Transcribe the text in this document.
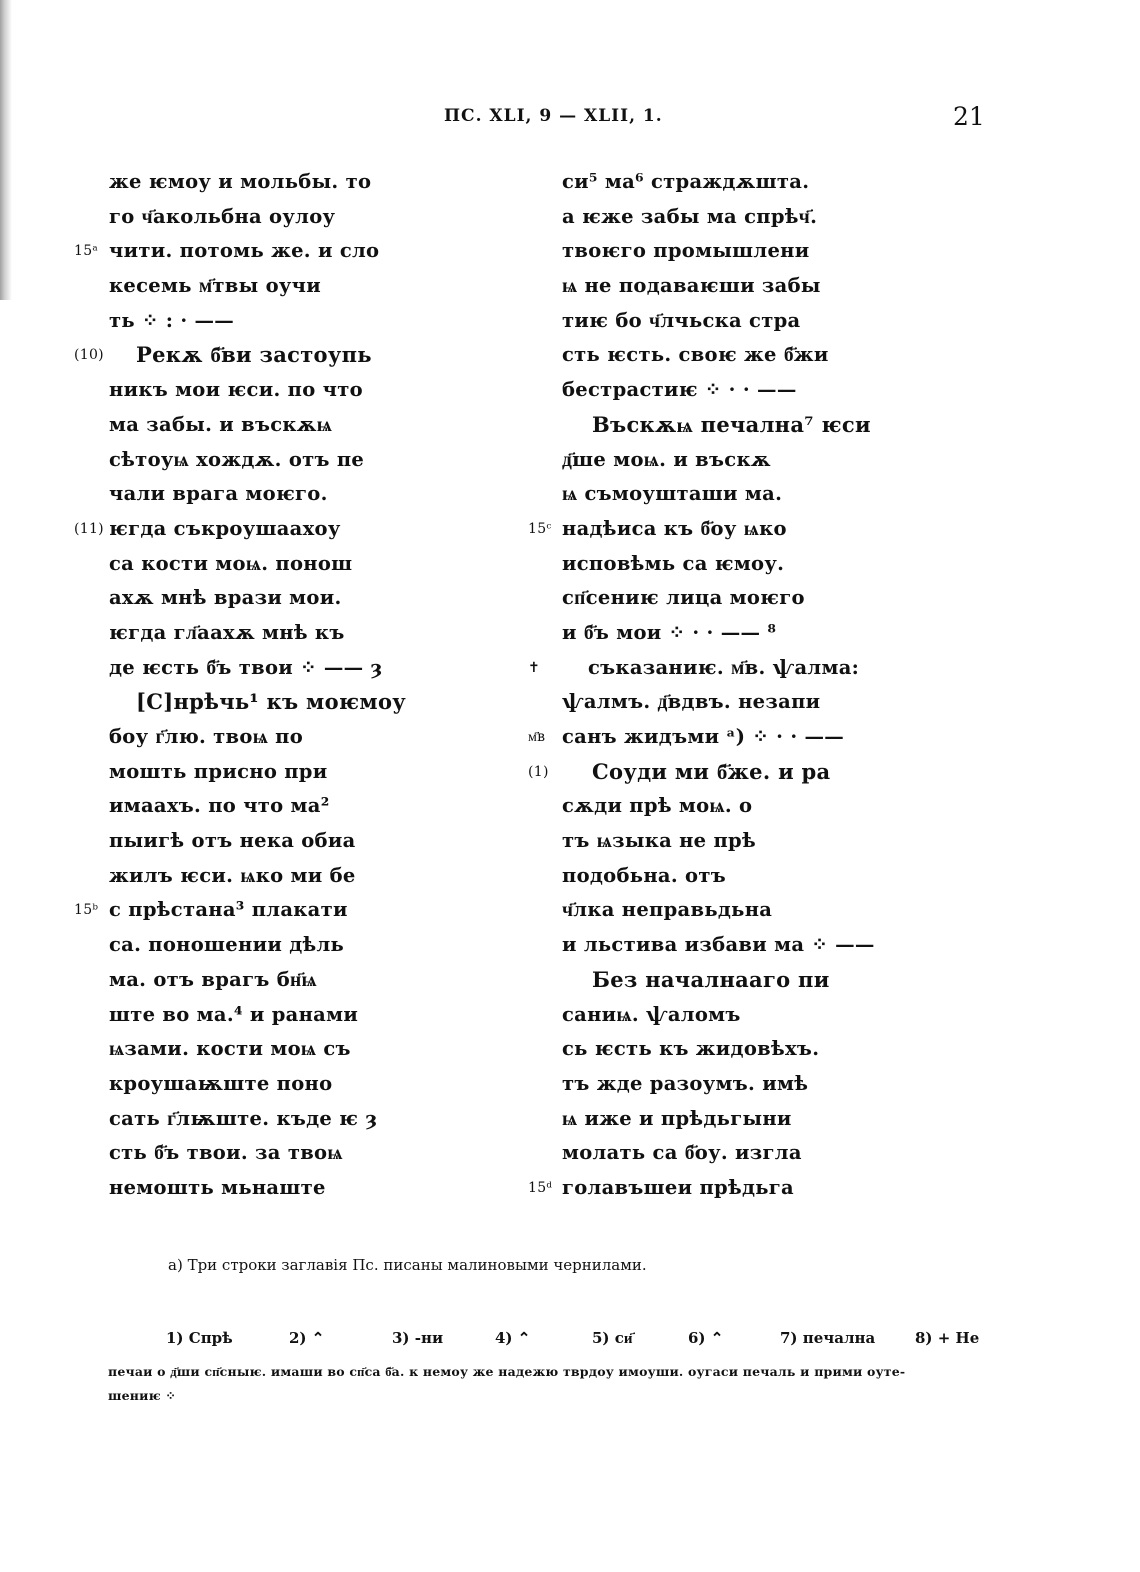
ПС. XLI, 9 — XLII, 1.	21
же ѥмоу и мольбы. то
го ч҃акольбна оулоу
15ᵃ чити. потомь же. и сло
кесемь м҃твы оучи
ть ⁘ : · ——
(10) Рекѫ б҃ви застоупь
никъ мои ѥси. по что
ма забы. и въскѫѩ
сѣтоуѩ хождѫ. отъ пе
чали врага моѥго.
(11) ѥгда съкроушаахоу
са кости моѩ. понош
ахѫ мнѣ врази мои.
ѥгда гл҃аахѫ мнѣ къ
де ѥсть б҃ъ твои ⁘ —— ȝ
[С]нрѣчь¹ къ моѥмоу
боу г҃лю. твоѩ по
мошть присно при
имаахъ. по что ма²
пыигѣ отъ нека обиа
жилъ ѥси. ѩко ми бе
15ᵇ с прѣстана³ плакати
са. поношении дѣль
ма. отъ врагъ бн҃ѩ
ште во ма.⁴ и ранами
ѩзами. кости моѩ съ
кроушаѭште поно
сать г҃лѭште. къде ѥ ȝ
сть б҃ъ твои. за твоѩ
немошть мьнаште
си⁵ ма⁶ страждѫшта.
а ѥже забы ма спрѣч҃.
твоѥго промышлени
ѩ не подаваѥши забы
тиѥ бо ч҃лчьска стра
сть ѥсть. своѥ же б҃жи
бестрастиѥ ⁘ · · ——
Въскѫѩ печална⁷ ѥси
д҃ше моѩ. и въскѫ
ѩ съмоушташи ма.
15ᶜ надѣиса къ б҃оу ѩко
исповѣмь са ѥмоу.
сп҃сениѥ лица моѥго
и б҃ъ мои ⁘ · · —— ⁸
✝ съказаниѥ. м҃в. ѱалма:
ѱалмъ. д҃вдвъ. незапи
м҃в санъ жидъми ᵃ) ⁘ · · ——
(1) Соуди ми б҃же. и ра
сѫди прѣ моѩ. о
тъ ѩзыка не прѣ
подобьна. отъ
ч҃лка неправьдьна
и льстива избави ма ⁘ ——
Без началнааго пи
саниѩ. ѱаломъ
сь ѥсть къ жидовѣхъ.
тъ жде разоумъ. имѣ
ѩ иже и прѣдьгыни
молать са б҃оу. изгла
15ᵈ голавъшеи прѣдьга
а) Три строки заглавія Пс. писаны малиновыми чернилами.
1) Спрѣ	2) ⌃	3) -ни	4) ⌃	5) си҃	6) ⌃	7) печална	8) + Не
печаи о д҃ши сп҃сныѥ. имаши во сп҃са б҃а. к немоу же надежю тврдоу имоуши. оугаси печаль и прими оуте-
шениѥ ⁘
